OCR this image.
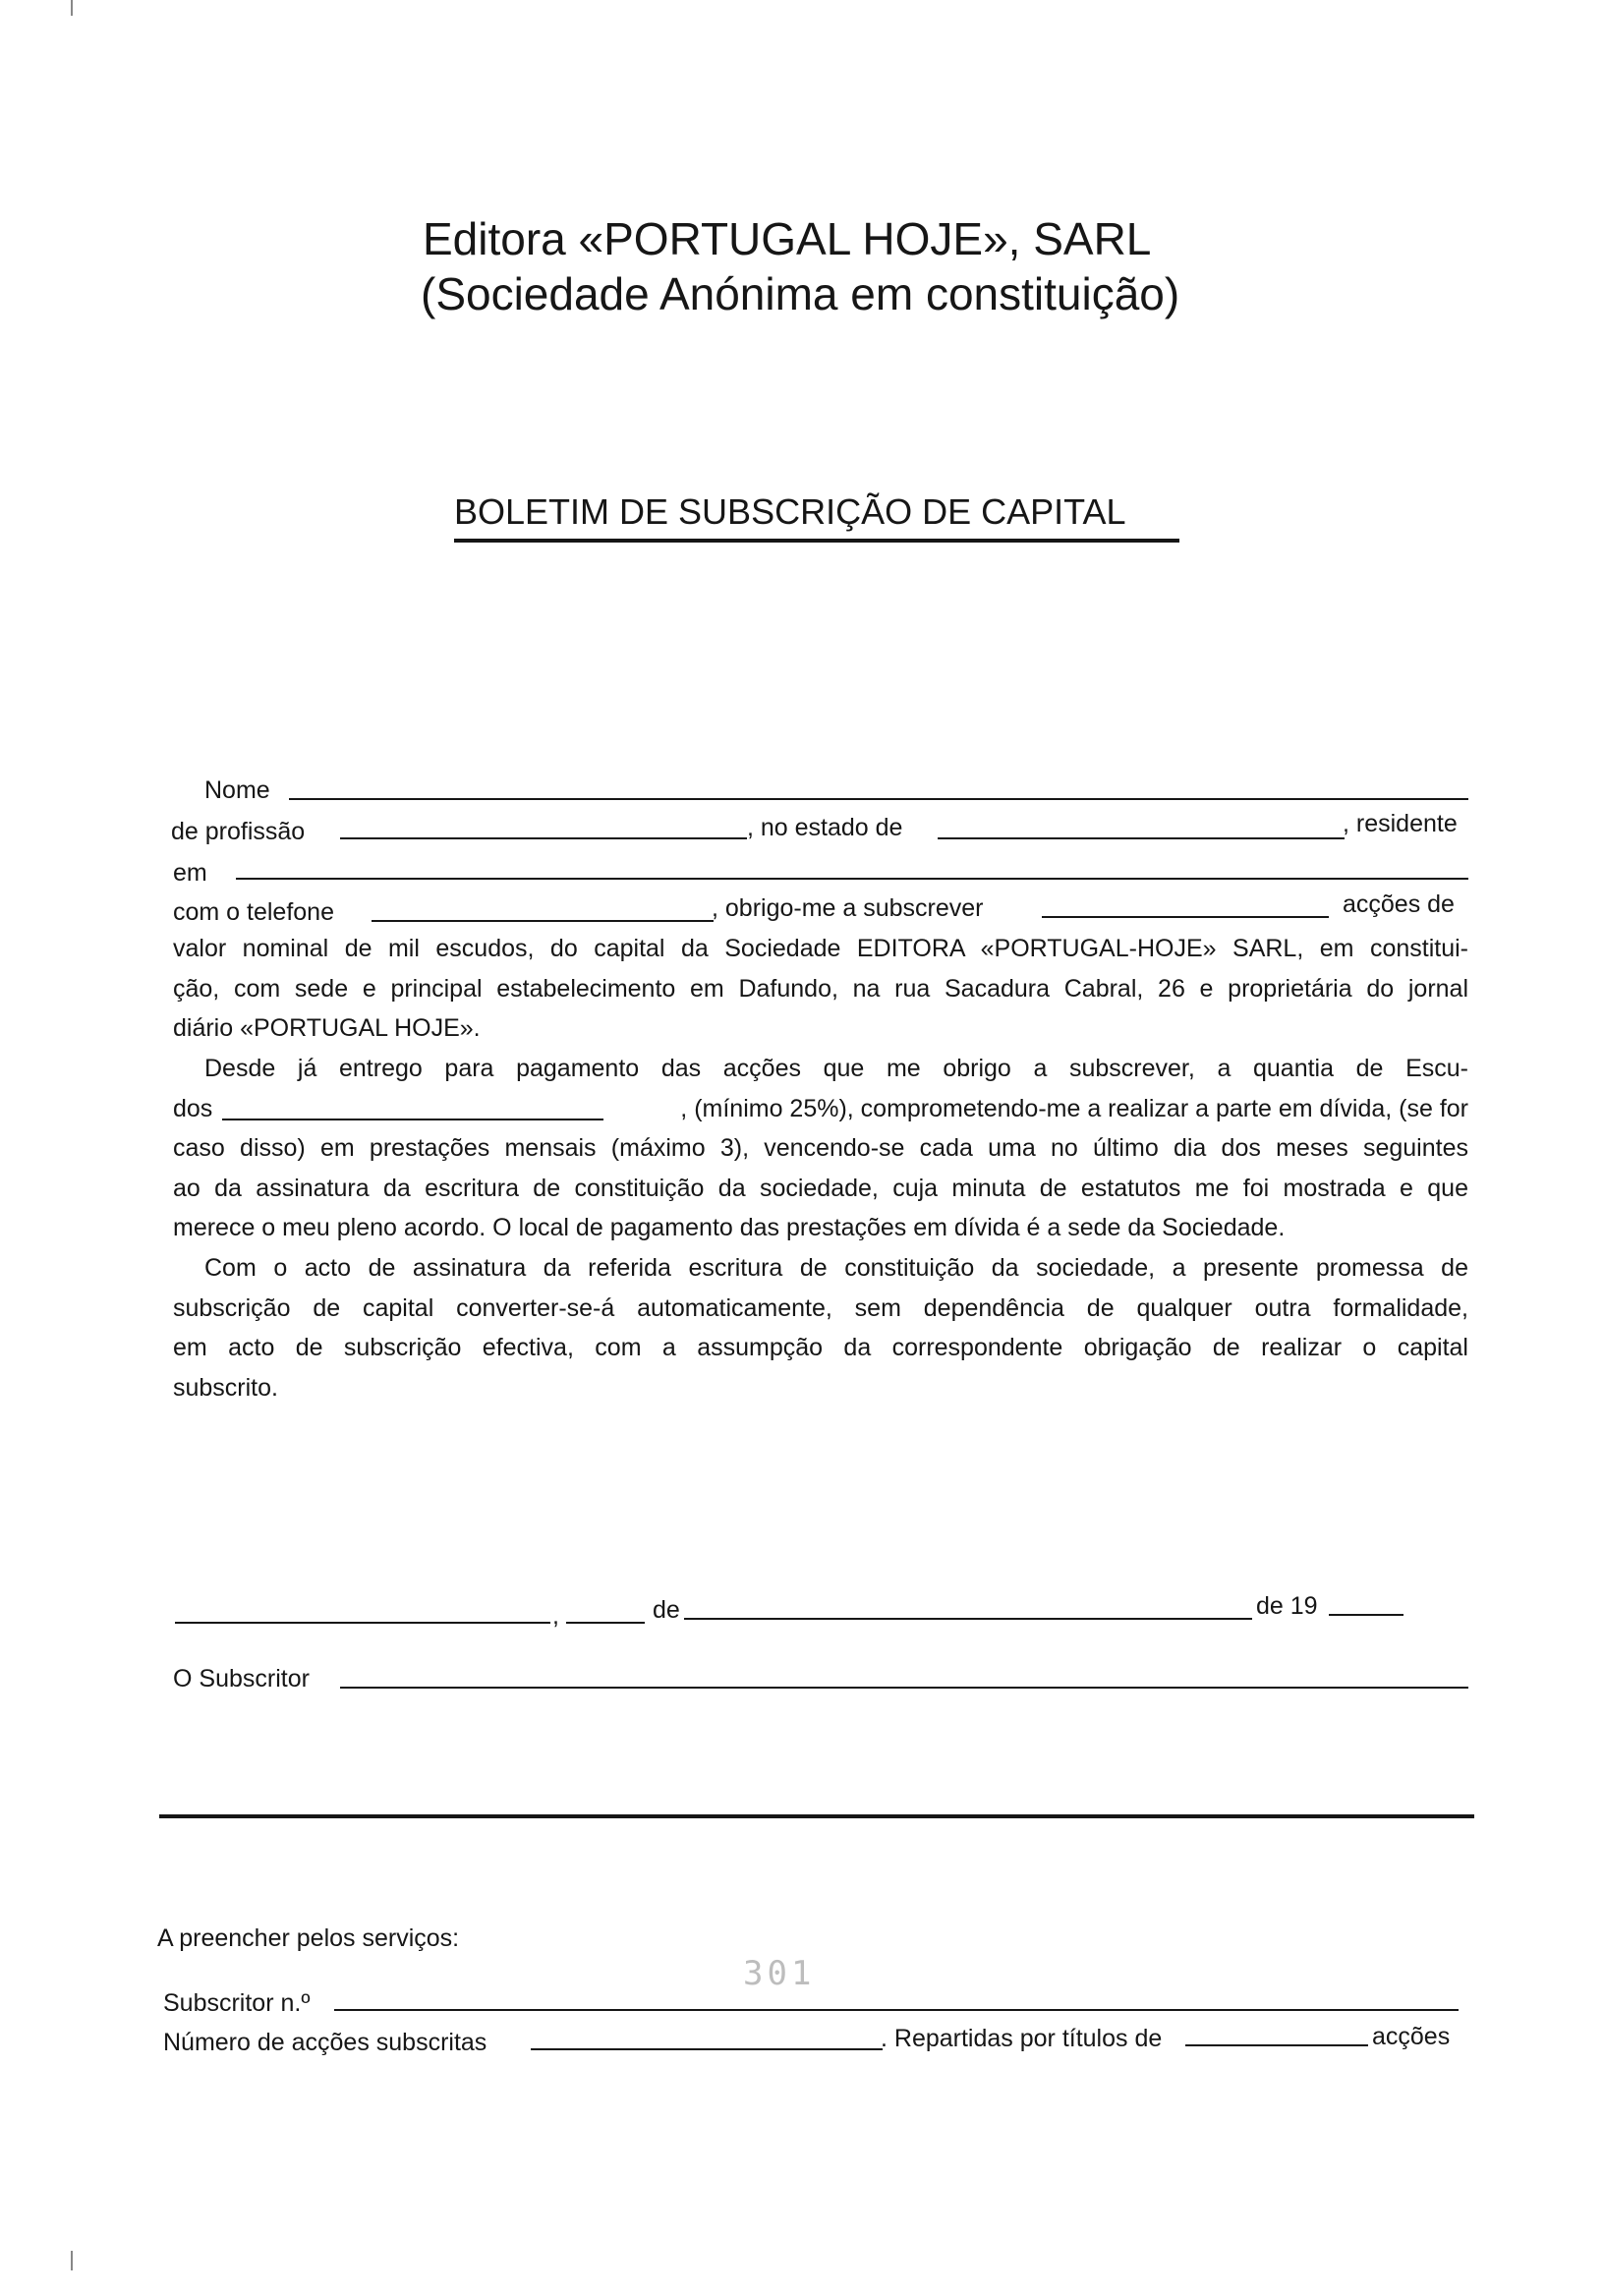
Editora «PORTUGAL HOJE», SARL
(Sociedade Anónima em constituição)
BOLETIM DE SUBSCRIÇÃO DE CAPITAL
Nome
de profissão	, no estado de	, residente
em
com o telefone	, obrigo-me a subscrever	acções de
valor nominal de mil escudos, do capital da Sociedade EDITORA «PORTUGAL-HOJE» SARL, em constitui-
ção, com sede e principal estabelecimento em Dafundo, na rua Sacadura Cabral, 26 e proprietária do jornal
diário «PORTUGAL HOJE».
Desde já entrego para pagamento das acções que me obrigo a subscrever, a quantia de Escu-
dos	, (mínimo 25%), comprometendo-me a realizar a parte em dívida, (se for
caso disso) em prestações mensais (máximo 3), vencendo-se cada uma no último dia dos meses seguintes
ao da assinatura da escritura de constituição da sociedade, cuja minuta de estatutos me foi mostrada e que
merece o meu pleno acordo. O local de pagamento das prestações em dívida é a sede da Sociedade.
Com o acto de assinatura da referida escritura de constituição da sociedade, a presente promessa de
subscrição de capital converter-se-á automaticamente, sem dependência de qualquer outra formalidade,
em acto de subscrição efectiva, com a assumpção da correspondente obrigação de realizar o capital
subscrito.
,	de	de 19
O Subscritor
A preencher pelos serviços:
301
Subscritor n.º
Número de acções subscritas	. Repartidas por títulos de	acções
